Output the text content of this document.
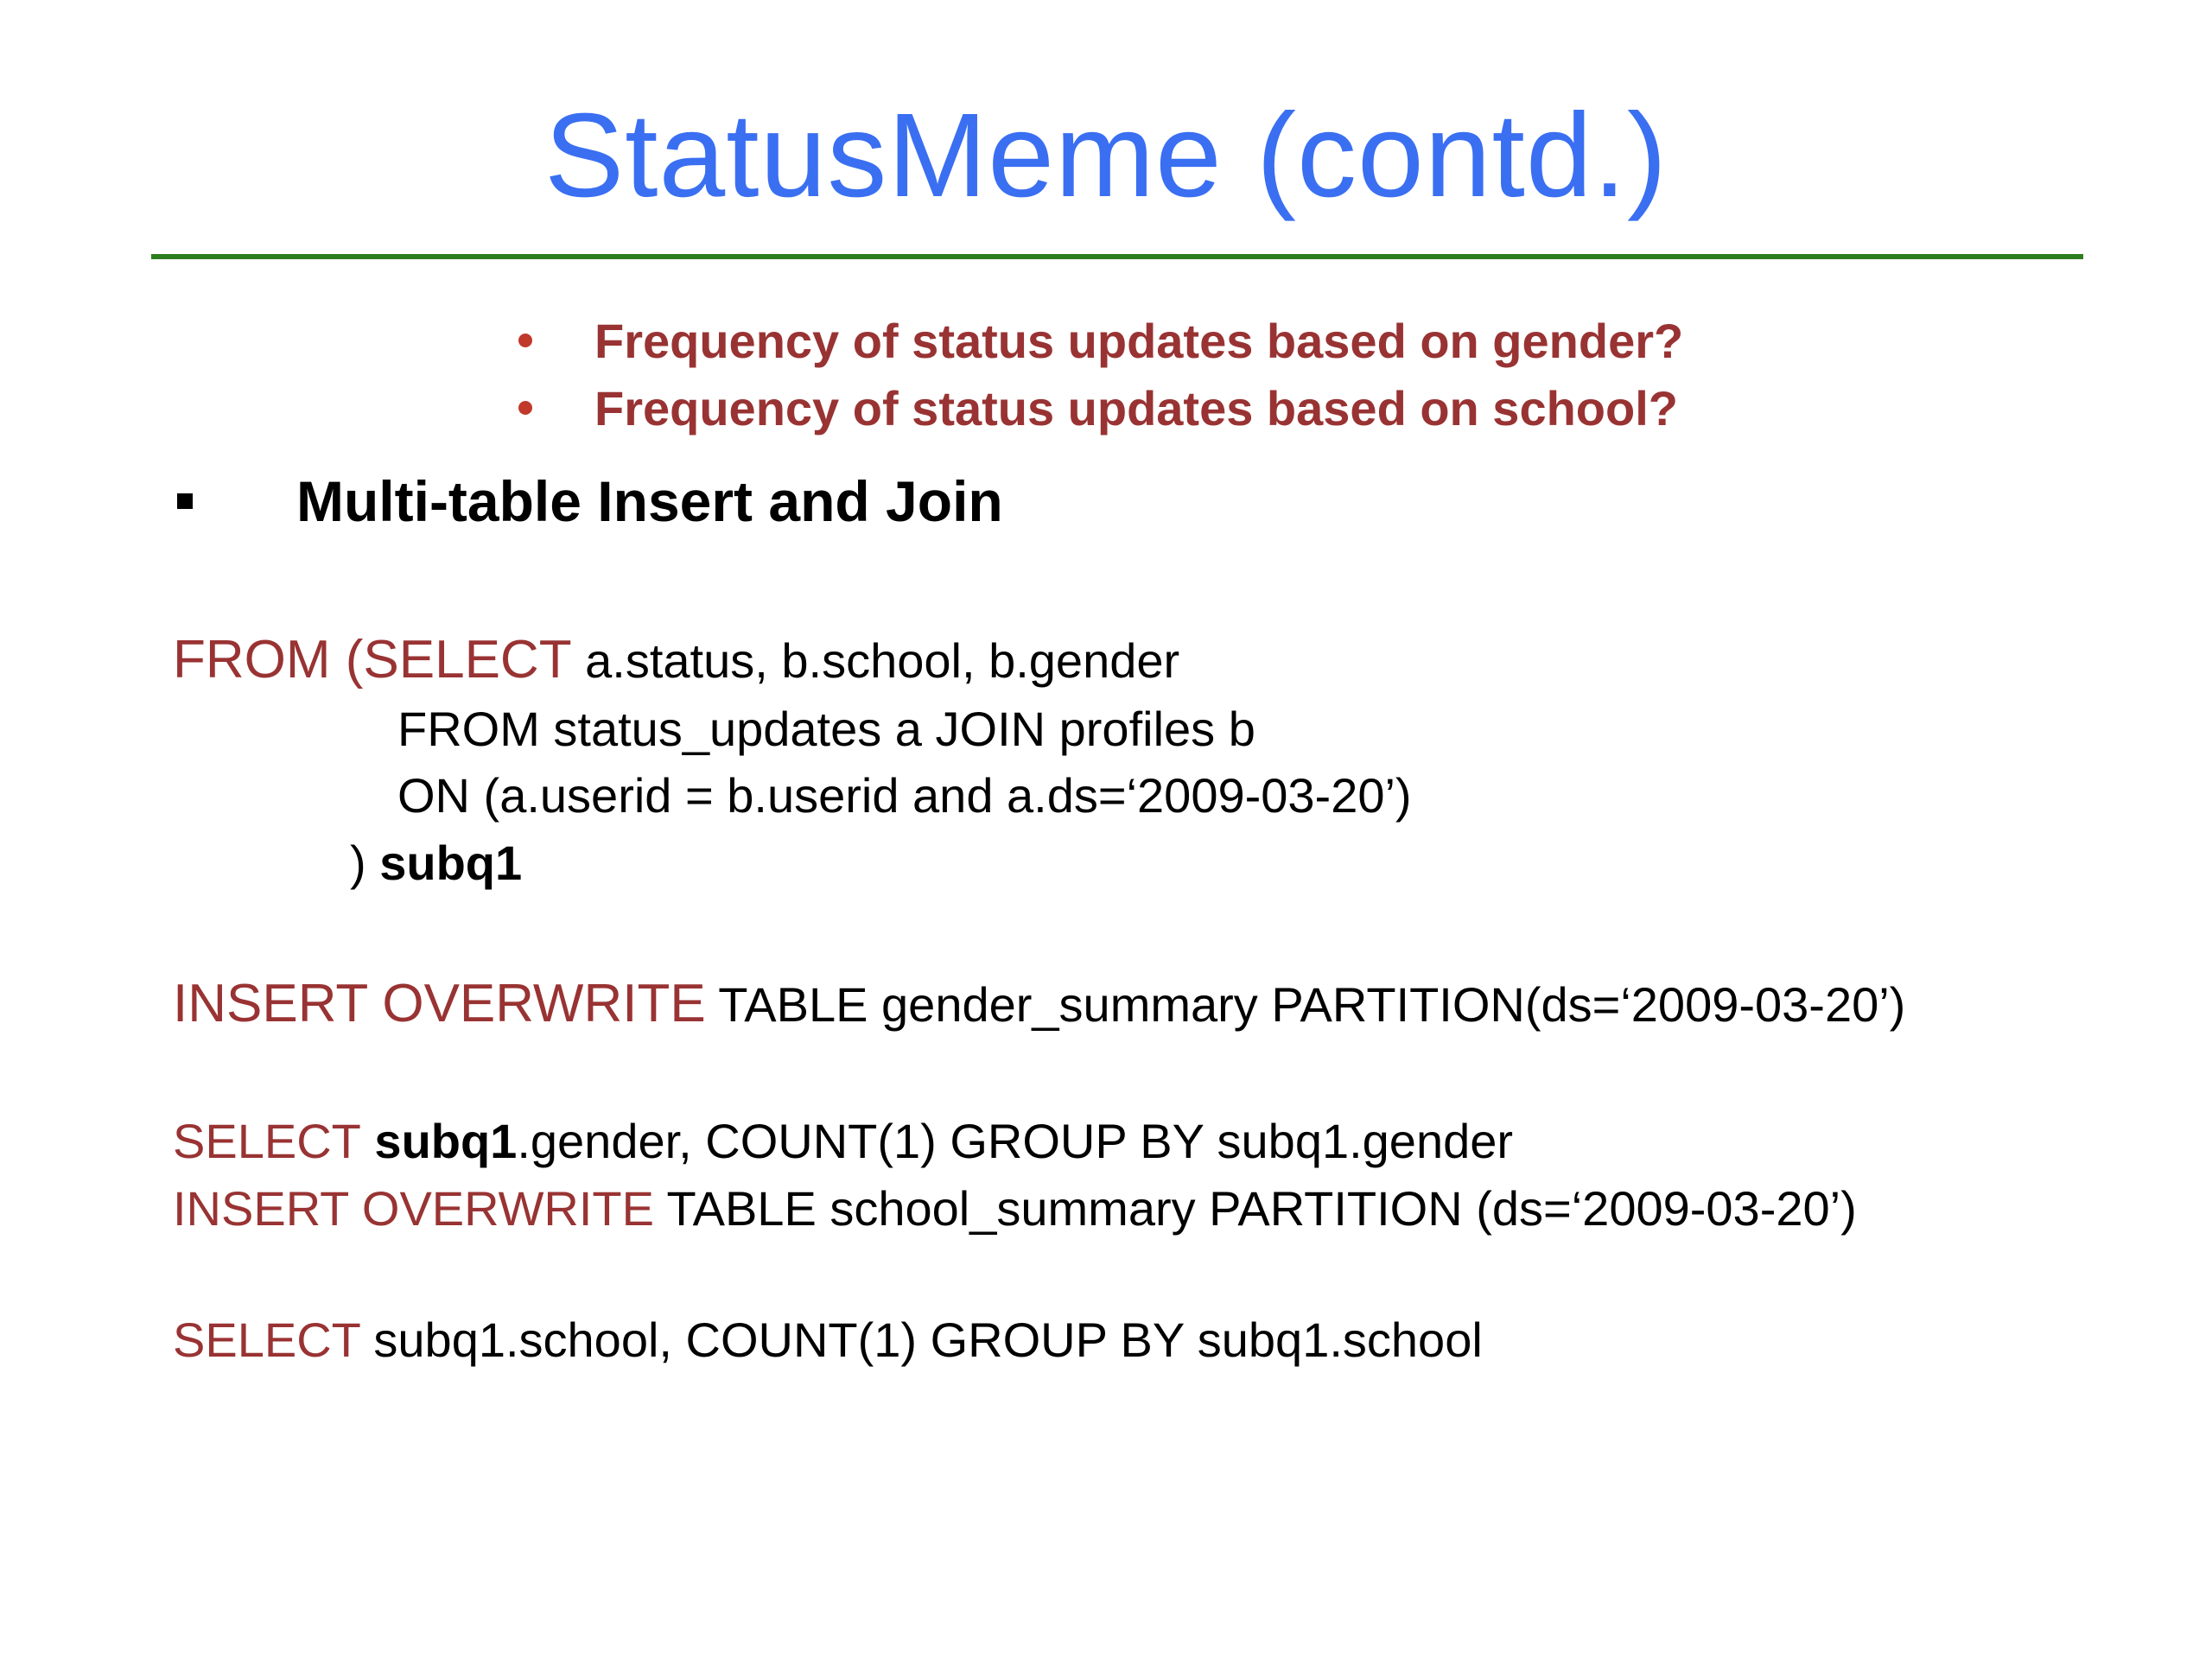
StatusMeme (contd.)
Frequency of status updates based on gender?
Frequency of status updates based on school?
Multi-table Insert and Join
FROM (SELECT a.status, b.school, b.gender
FROM status_updates a JOIN profiles b
ON (a.userid = b.userid and a.ds=‘2009-03-20’)
) subq1
INSERT OVERWRITE TABLE gender_summary PARTITION(ds=‘2009-03-20’)
SELECT subq1.gender, COUNT(1) GROUP BY subq1.gender
INSERT OVERWRITE TABLE school_summary PARTITION (ds=‘2009-03-20’)
SELECT subq1.school, COUNT(1) GROUP BY subq1.school
